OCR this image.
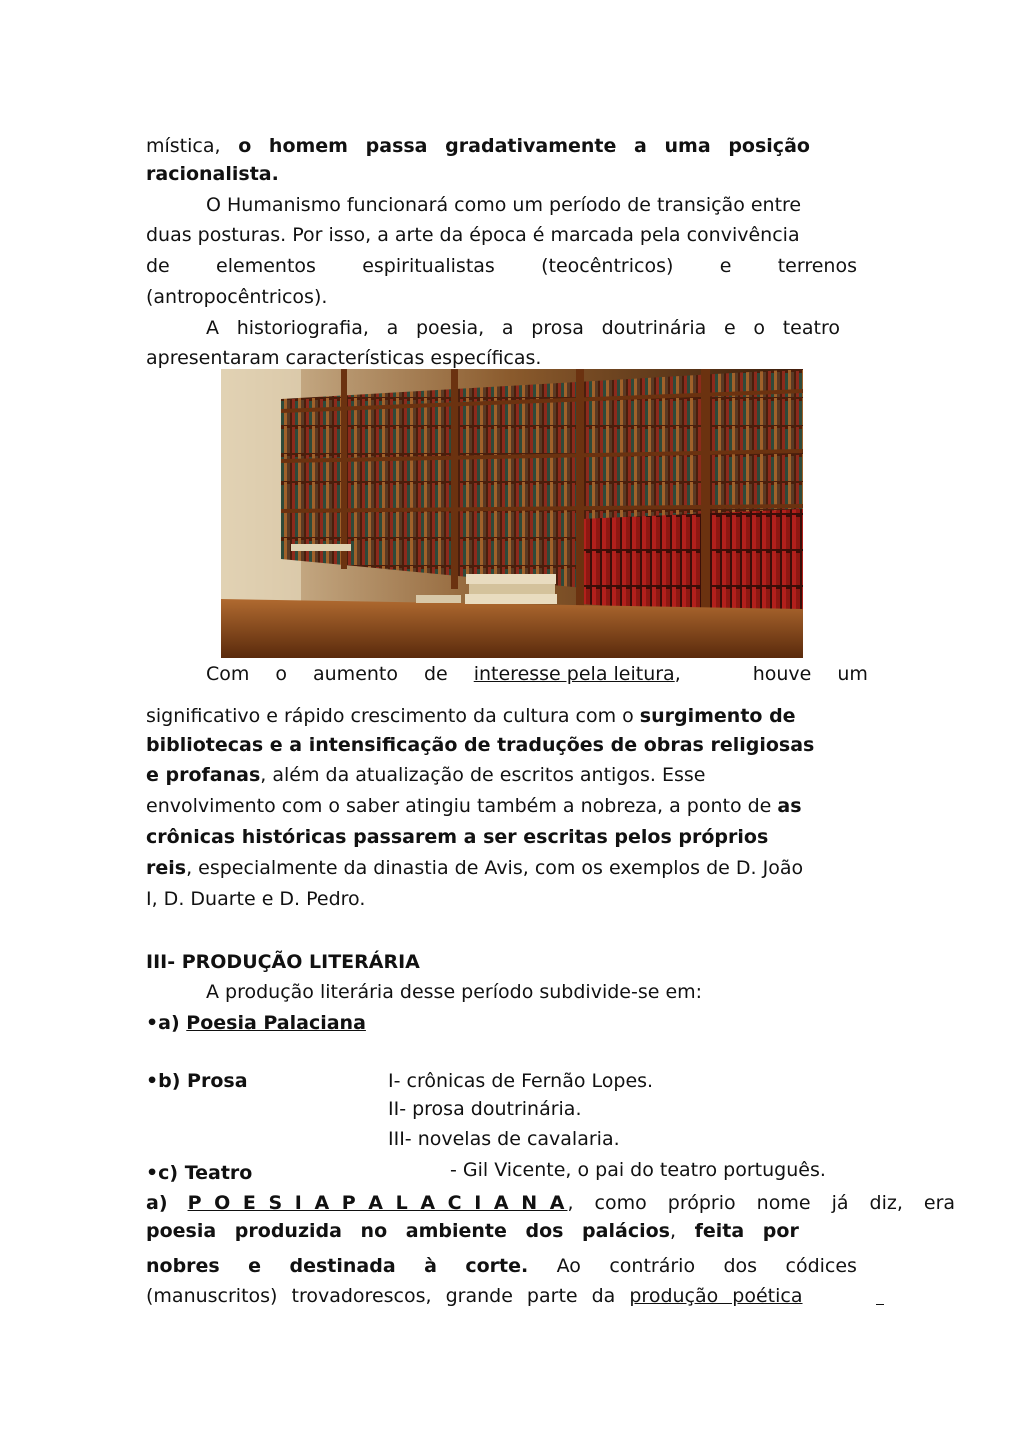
mística, o homem passa gradativamente a uma posição
racionalista.
O Humanismo funcionará como um período de transição entre
duas posturas. Por isso, a arte da época é marcada pela convivência
de elementos espiritualistas (teocêntricos) e terrenos
(antropocêntricos).
A historiografia, a poesia, a prosa doutrinária e o teatro
apresentaram características específicas.
Com o aumento de interesse pela leitura,	houve um
significativo e rápido crescimento da cultura com o surgimento de
bibliotecas e a intensificação de traduções de obras religiosas
e profanas, além da atualização de escritos antigos. Esse
envolvimento com o saber atingiu também a nobreza, a ponto de as
crônicas históricas passarem a ser escritas pelos próprios
reis, especialmente da dinastia de Avis, com os exemplos de D. João
I, D. Duarte e D. Pedro.
III- PRODUÇÃO LITERÁRIA
A produção literária desse período subdivide-se em:
•a) Poesia Palaciana
•b) Prosa	I- crônicas de Fernão Lopes.
II- prosa doutrinária.
III- novelas de cavalaria.
•c) Teatro	- Gil Vicente, o pai do teatro português.
a) P O E S I A P A L A C I A N A, como próprio nome já diz, era
poesia produzida no ambiente dos palácios, feita por
nobres e destinada à corte. Ao contrário dos códices
(manuscritos) trovadorescos, grande parte da produção poética
